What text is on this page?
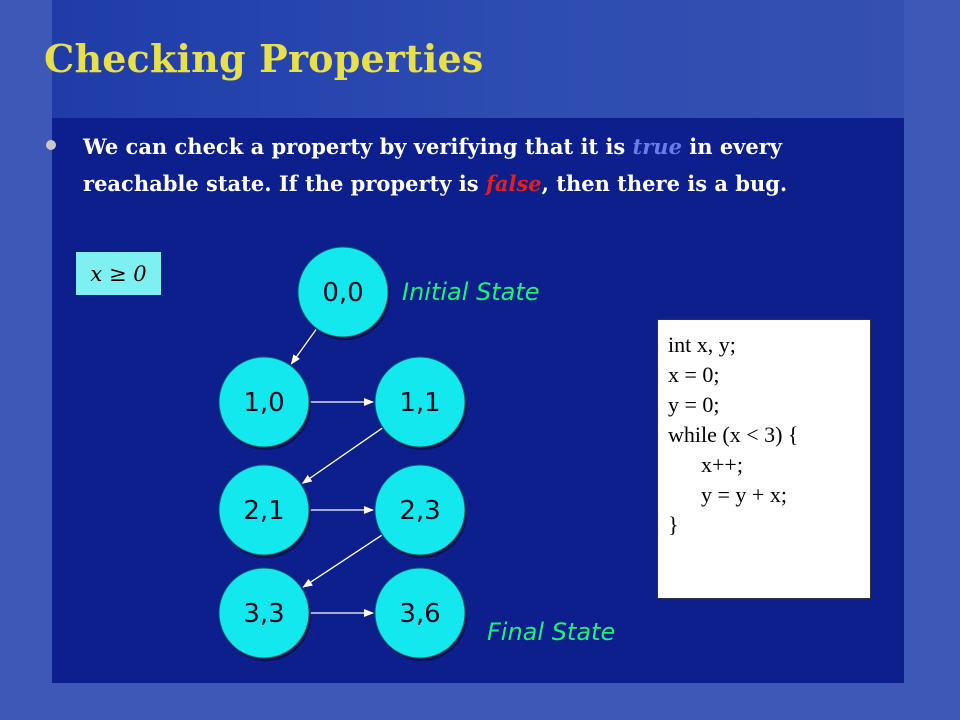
Checking Properties

We can check a property by verifying that it is true in every reachable state. If the property is false, then there is a bug.

x ≥ 0
0,0
1,0	1,1
2,1	2,3
3,3	3,6
Initial State
Final State
int x, y;
x = 0;
y = 0;
while (x < 3) {
x++;
y = y + x;
}
